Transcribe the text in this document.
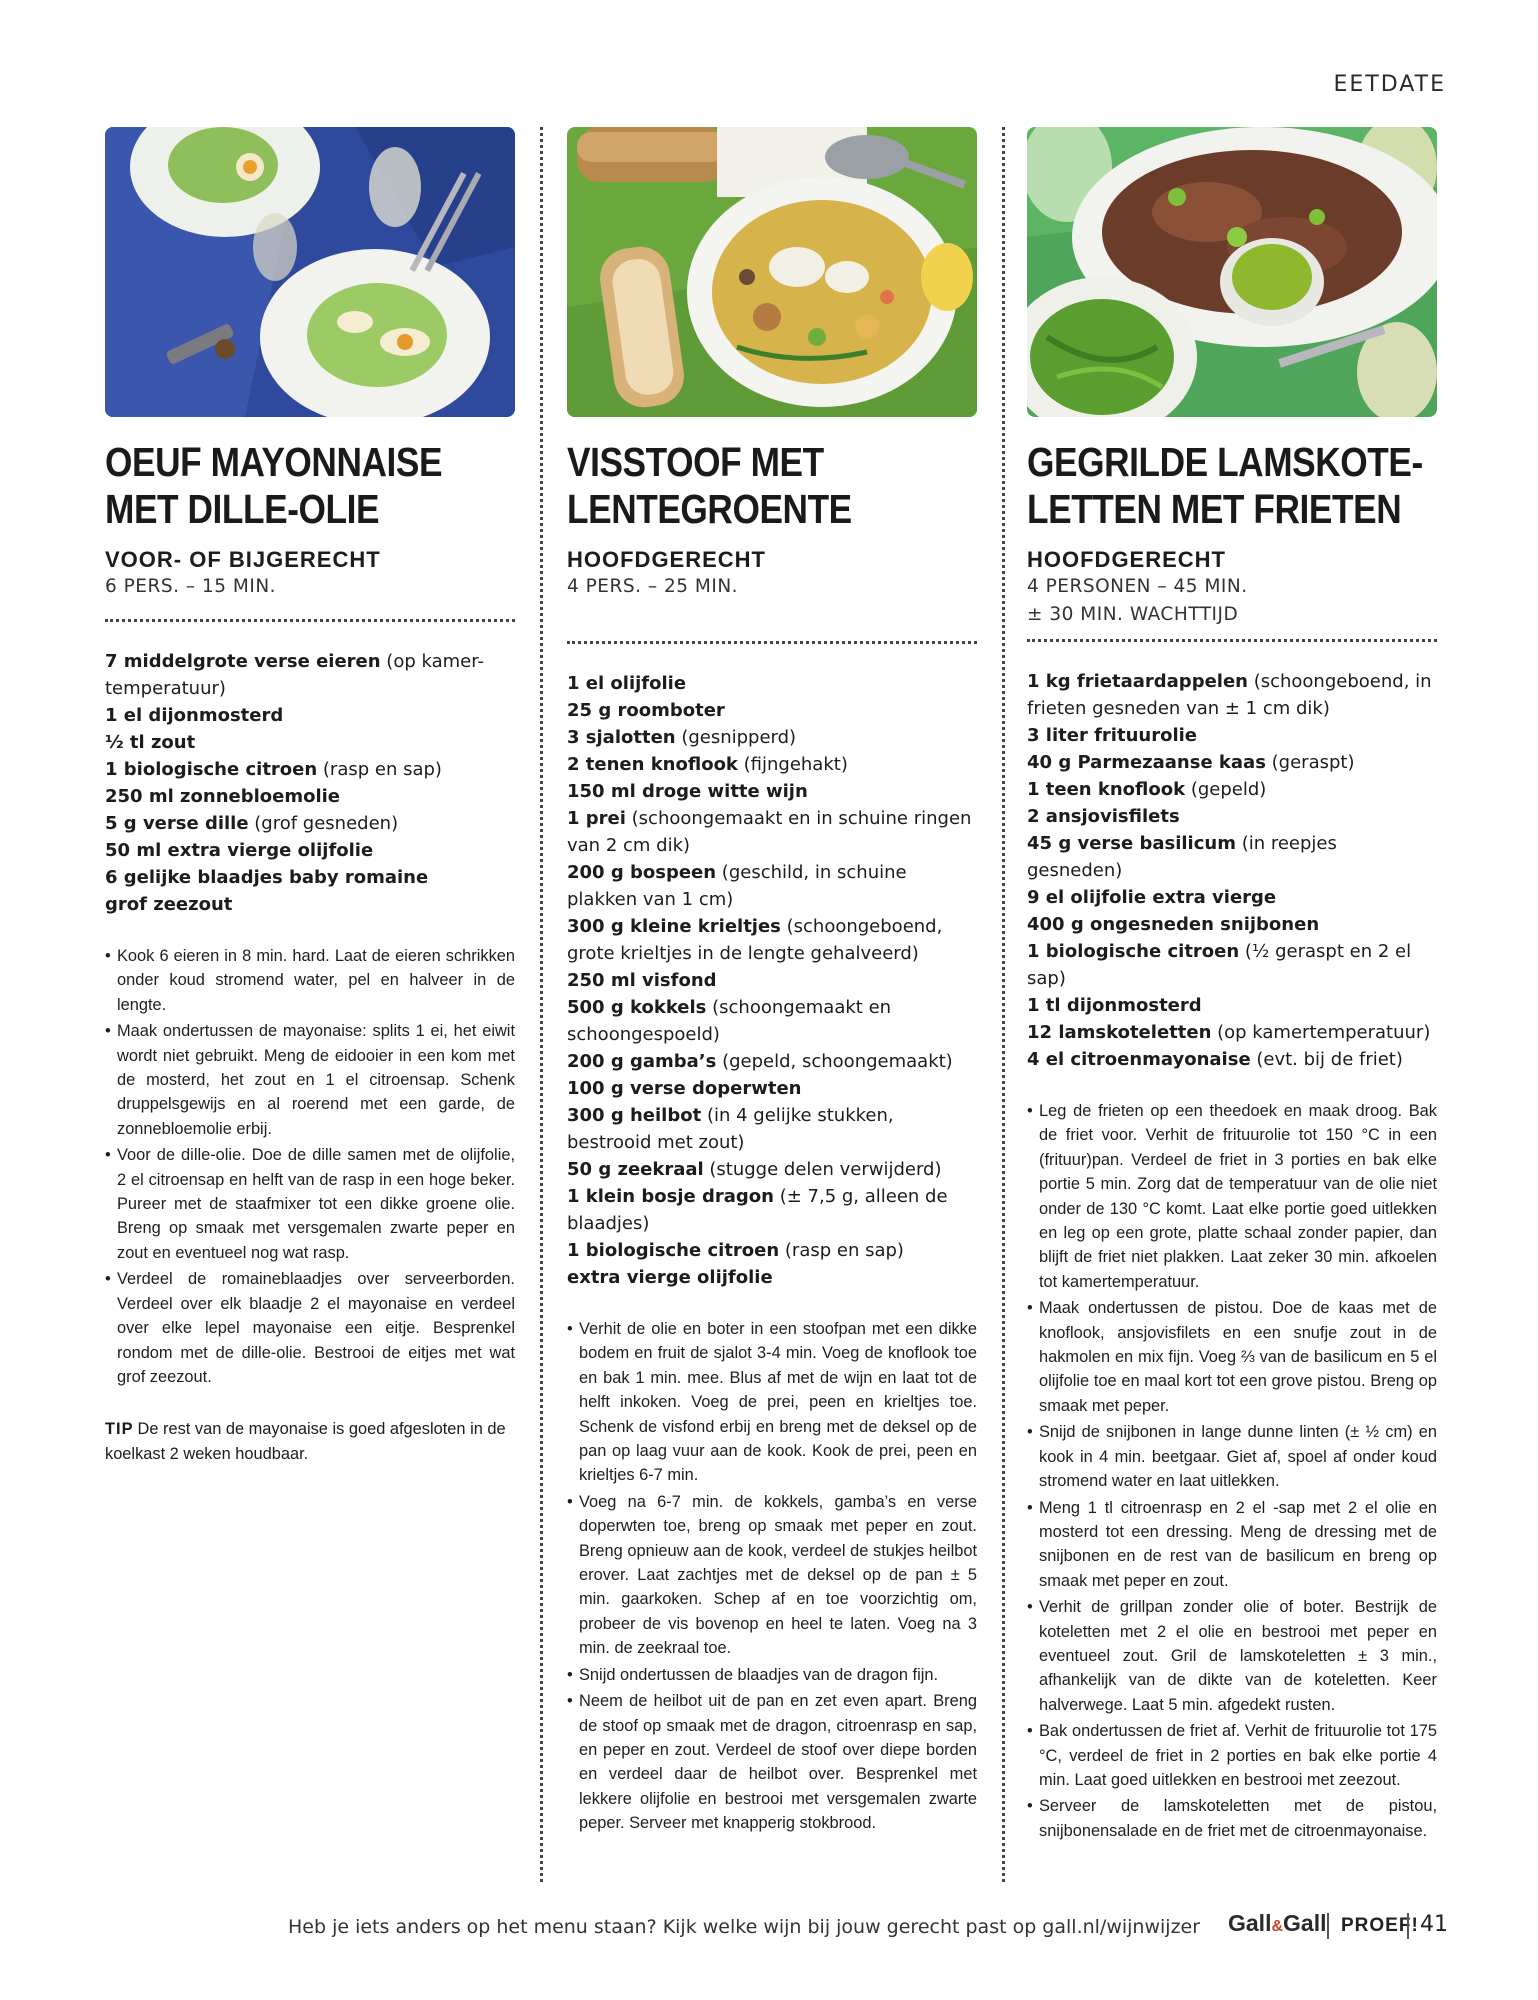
EETDATE
OEUF MAYONNAISE
MET DILLE-OLIE
VOOR- OF BIJGERECHT
6 PERS. – 15 MIN.
7 middelgrote verse eieren (op kamer-temperatuur)
1 el dijonmosterd
½ tl zout
1 biologische citroen (rasp en sap)
250 ml zonnebloemolie
5 g verse dille (grof gesneden)
50 ml extra vierge olijfolie
6 gelijke blaadjes baby romaine
grof zeezout
• Kook 6 eieren in 8 min. hard. Laat de eieren schrikken onder koud stromend water, pel en halveer in de lengte.
• Maak ondertussen de mayonaise: splits 1 ei, het eiwit wordt niet gebruikt. Meng de eidooier in een kom met de mosterd, het zout en 1 el citroensap. Schenk druppelsgewijs en al roerend met een garde, de zonnebloemolie erbij.
• Voor de dille-olie. Doe de dille samen met de olijfolie, 2 el citroensap en helft van de rasp in een hoge beker. Pureer met de staafmixer tot een dikke groene olie. Breng op smaak met versgemalen zwarte peper en zout en eventueel nog wat rasp.
• Verdeel de romaineblaadjes over serveerborden. Verdeel over elk blaadje 2 el mayonaise en verdeel over elke lepel mayonaise een eitje. Besprenkel rondom met de dille-olie. Bestrooi de eitjes met wat grof zeezout.
TIP De rest van de mayonaise is goed afgesloten in de koelkast 2 weken houdbaar.
VISSTOOF MET
LENTEGROENTE
HOOFDGERECHT
4 PERS. – 25 MIN.
1 el olijfolie
25 g roomboter
3 sjalotten (gesnipperd)
2 tenen knoflook (fijngehakt)
150 ml droge witte wijn
1 prei (schoongemaakt en in schuine ringen van 2 cm dik)
200 g bospeen (geschild, in schuine plakken van 1 cm)
300 g kleine krieltjes (schoongeboend, grote krieltjes in de lengte gehalveerd)
250 ml visfond
500 g kokkels (schoongemaakt en schoongespoeld)
200 g gamba’s (gepeld, schoongemaakt)
100 g verse doperwten
300 g heilbot (in 4 gelijke stukken, bestrooid met zout)
50 g zeekraal (stugge delen verwijderd)
1 klein bosje dragon (± 7,5 g, alleen de blaadjes)
1 biologische citroen (rasp en sap)
extra vierge olijfolie
• Verhit de olie en boter in een stoofpan met een dikke bodem en fruit de sjalot 3-4 min. Voeg de knoflook toe en bak 1 min. mee. Blus af met de wijn en laat tot de helft inkoken. Voeg de prei, peen en krieltjes toe. Schenk de visfond erbij en breng met de deksel op de pan op laag vuur aan de kook. Kook de prei, peen en krieltjes 6-7 min.
• Voeg na 6-7 min. de kokkels, gamba’s en verse doperwten toe, breng op smaak met peper en zout. Breng opnieuw aan de kook, verdeel de stukjes heilbot erover. Laat zachtjes met de deksel op de pan ± 5 min. gaarkoken. Schep af en toe voorzichtig om, probeer de vis bovenop en heel te laten. Voeg na 3 min. de zeekraal toe.
• Snijd ondertussen de blaadjes van de dragon fijn.
• Neem de heilbot uit de pan en zet even apart. Breng de stoof op smaak met de dragon, citroenrasp en sap, en peper en zout. Verdeel de stoof over diepe borden en verdeel daar de heilbot over. Besprenkel met lekkere olijfolie en bestrooi met versgemalen zwarte peper. Serveer met knapperig stokbrood.
GEGRILDE LAMSKOTE-
LETTEN MET FRIETEN
HOOFDGERECHT
4 PERSONEN – 45 MIN.
± 30 MIN. WACHTTIJD
1 kg frietaardappelen (schoongeboend, in frieten gesneden van ± 1 cm dik)
3 liter frituurolie
40 g Parmezaanse kaas (geraspt)
1 teen knoflook (gepeld)
2 ansjovisfilets
45 g verse basilicum (in reepjes gesneden)
9 el olijfolie extra vierge
400 g ongesneden snijbonen
1 biologische citroen (½ geraspt en 2 el sap)
1 tl dijonmosterd
12 lamskoteletten (op kamertemperatuur)
4 el citroenmayonaise (evt. bij de friet)
• Leg de frieten op een theedoek en maak droog. Bak de friet voor. Verhit de frituurolie tot 150 °C in een (frituur)pan. Verdeel de friet in 3 porties en bak elke portie 5 min. Zorg dat de temperatuur van de olie niet onder de 130 °C komt. Laat elke portie goed uitlekken en leg op een grote, platte schaal zonder papier, dan blijft de friet niet plakken. Laat zeker 30 min. afkoelen tot kamertemperatuur.
• Maak ondertussen de pistou. Doe de kaas met de knoflook, ansjovisfilets en een snufje zout in de hakmolen en mix fijn. Voeg ⅔ van de basilicum en 5 el olijfolie toe en maal kort tot een grove pistou. Breng op smaak met peper.
• Snijd de snijbonen in lange dunne linten (± ½ cm) en kook in 4 min. beetgaar. Giet af, spoel af onder koud stromend water en laat uitlekken.
• Meng 1 tl citroenrasp en 2 el -sap met 2 el olie en mosterd tot een dressing. Meng de dressing met de snijbonen en de rest van de basilicum en breng op smaak met peper en zout.
• Verhit de grillpan zonder olie of boter. Bestrijk de koteletten met 2 el olie en bestrooi met peper en eventueel zout. Gril de lamskoteletten ± 3 min., afhankelijk van de dikte van de koteletten. Keer halverwege. Laat 5 min. afgedekt rusten.
• Bak ondertussen de friet af. Verhit de frituurolie tot 175 °C, verdeel de friet in 2 porties en bak elke portie 4 min. Laat goed uitlekken en bestrooi met zeezout.
• Serveer de lamskoteletten met de pistou, snijbonensalade en de friet met de citroenmayonaise.
Heb je iets anders op het menu staan? Kijk welke wijn bij jouw gerecht past op gall.nl/wijnwijzer Gall&Gall PROEF! 41
